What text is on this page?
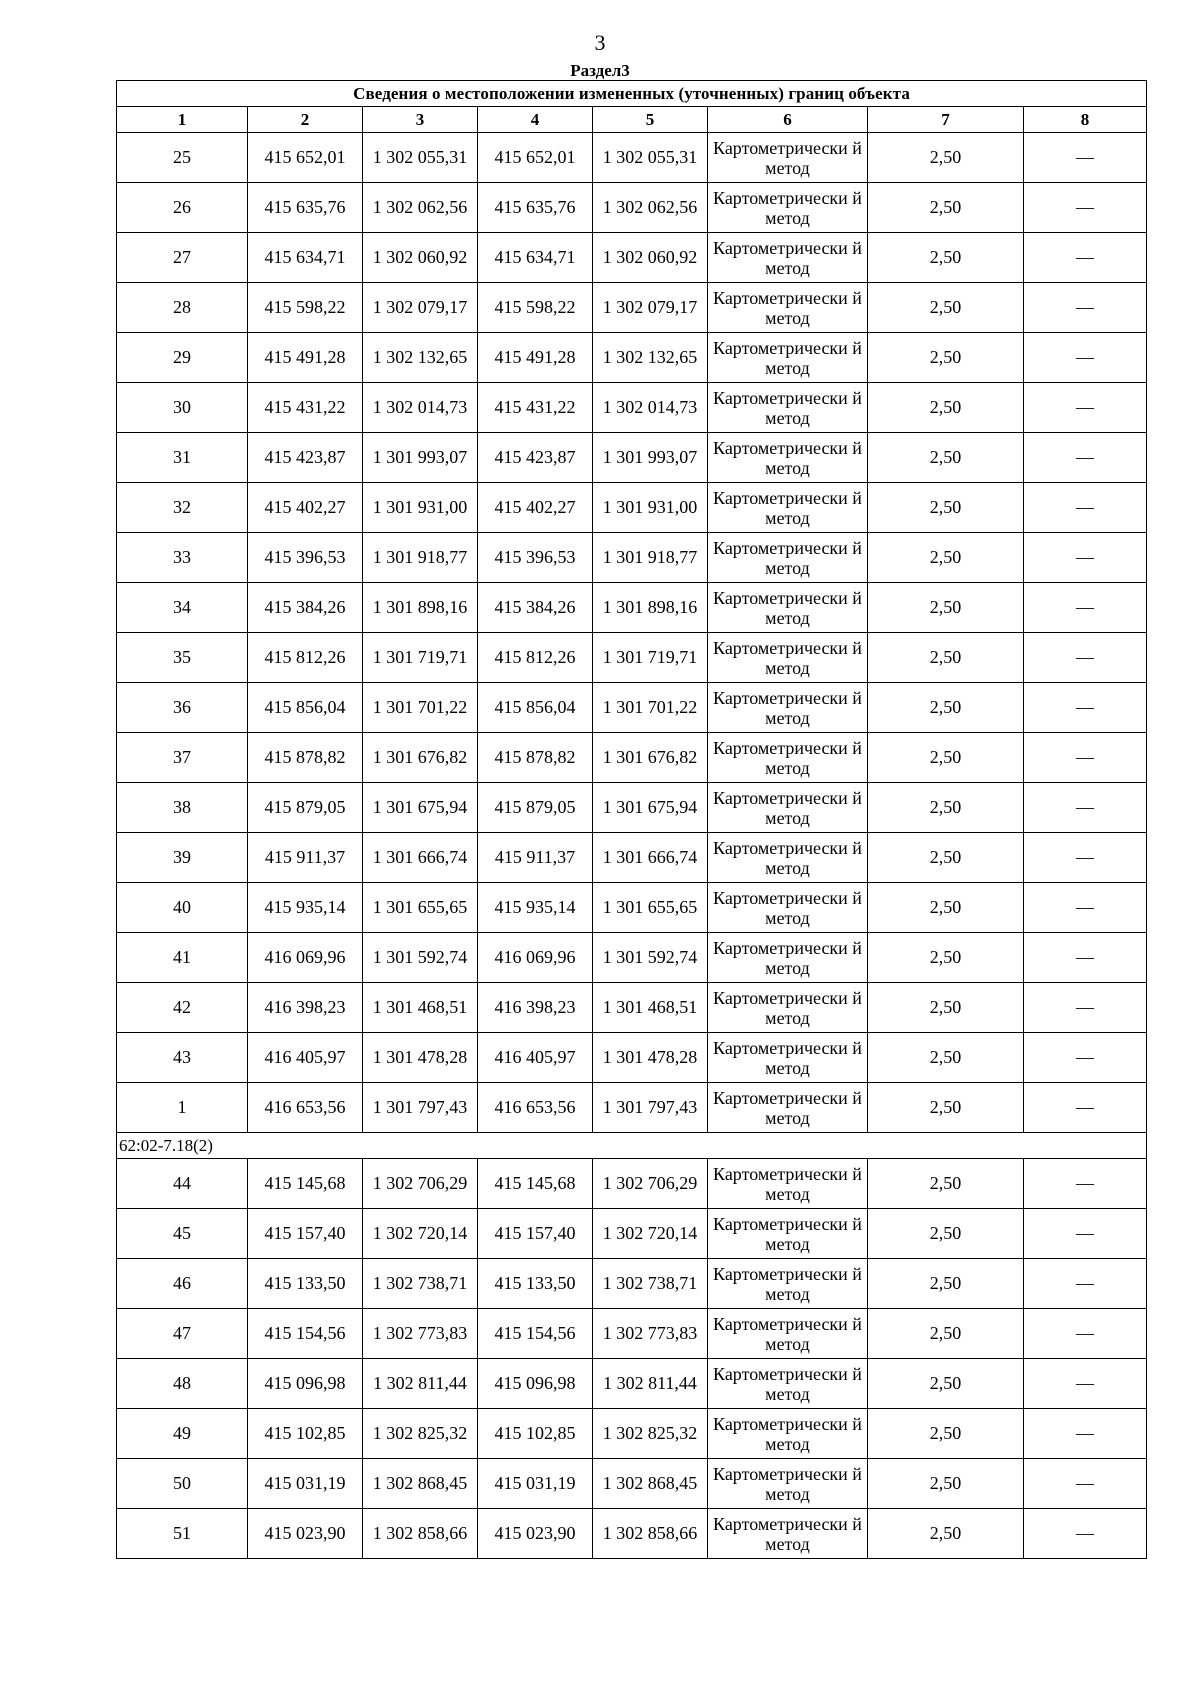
3
Раздел3
Сведения о местоположении измененных (уточненных) границ объекта							
1	2	3	4	5	6	7	8
25	415 652,01	1 302 055,31	415 652,01	1 302 055,31	Картометрически й метод	2,50	—
26	415 635,76	1 302 062,56	415 635,76	1 302 062,56	Картометрически й метод	2,50	—
27	415 634,71	1 302 060,92	415 634,71	1 302 060,92	Картометрически й метод	2,50	—
28	415 598,22	1 302 079,17	415 598,22	1 302 079,17	Картометрически й метод	2,50	—
29	415 491,28	1 302 132,65	415 491,28	1 302 132,65	Картометрически й метод	2,50	—
30	415 431,22	1 302 014,73	415 431,22	1 302 014,73	Картометрически й метод	2,50	—
31	415 423,87	1 301 993,07	415 423,87	1 301 993,07	Картометрически й метод	2,50	—
32	415 402,27	1 301 931,00	415 402,27	1 301 931,00	Картометрически й метод	2,50	—
33	415 396,53	1 301 918,77	415 396,53	1 301 918,77	Картометрически й метод	2,50	—
34	415 384,26	1 301 898,16	415 384,26	1 301 898,16	Картометрически й метод	2,50	—
35	415 812,26	1 301 719,71	415 812,26	1 301 719,71	Картометрически й метод	2,50	—
36	415 856,04	1 301 701,22	415 856,04	1 301 701,22	Картометрически й метод	2,50	—
37	415 878,82	1 301 676,82	415 878,82	1 301 676,82	Картометрически й метод	2,50	—
38	415 879,05	1 301 675,94	415 879,05	1 301 675,94	Картометрически й метод	2,50	—
39	415 911,37	1 301 666,74	415 911,37	1 301 666,74	Картометрически й метод	2,50	—
40	415 935,14	1 301 655,65	415 935,14	1 301 655,65	Картометрически й метод	2,50	—
41	416 069,96	1 301 592,74	416 069,96	1 301 592,74	Картометрически й метод	2,50	—
42	416 398,23	1 301 468,51	416 398,23	1 301 468,51	Картометрически й метод	2,50	—
43	416 405,97	1 301 478,28	416 405,97	1 301 478,28	Картометрически й метод	2,50	—
1	416 653,56	1 301 797,43	416 653,56	1 301 797,43	Картометрически й метод	2,50	—
62:02-7.18(2)							
44	415 145,68	1 302 706,29	415 145,68	1 302 706,29	Картометрически й метод	2,50	—
45	415 157,40	1 302 720,14	415 157,40	1 302 720,14	Картометрически й метод	2,50	—
46	415 133,50	1 302 738,71	415 133,50	1 302 738,71	Картометрически й метод	2,50	—
47	415 154,56	1 302 773,83	415 154,56	1 302 773,83	Картометрически й метод	2,50	—
48	415 096,98	1 302 811,44	415 096,98	1 302 811,44	Картометрически й метод	2,50	—
49	415 102,85	1 302 825,32	415 102,85	1 302 825,32	Картометрически й метод	2,50	—
50	415 031,19	1 302 868,45	415 031,19	1 302 868,45	Картометрически й метод	2,50	—
51	415 023,90	1 302 858,66	415 023,90	1 302 858,66	Картометрически й метод	2,50	—
